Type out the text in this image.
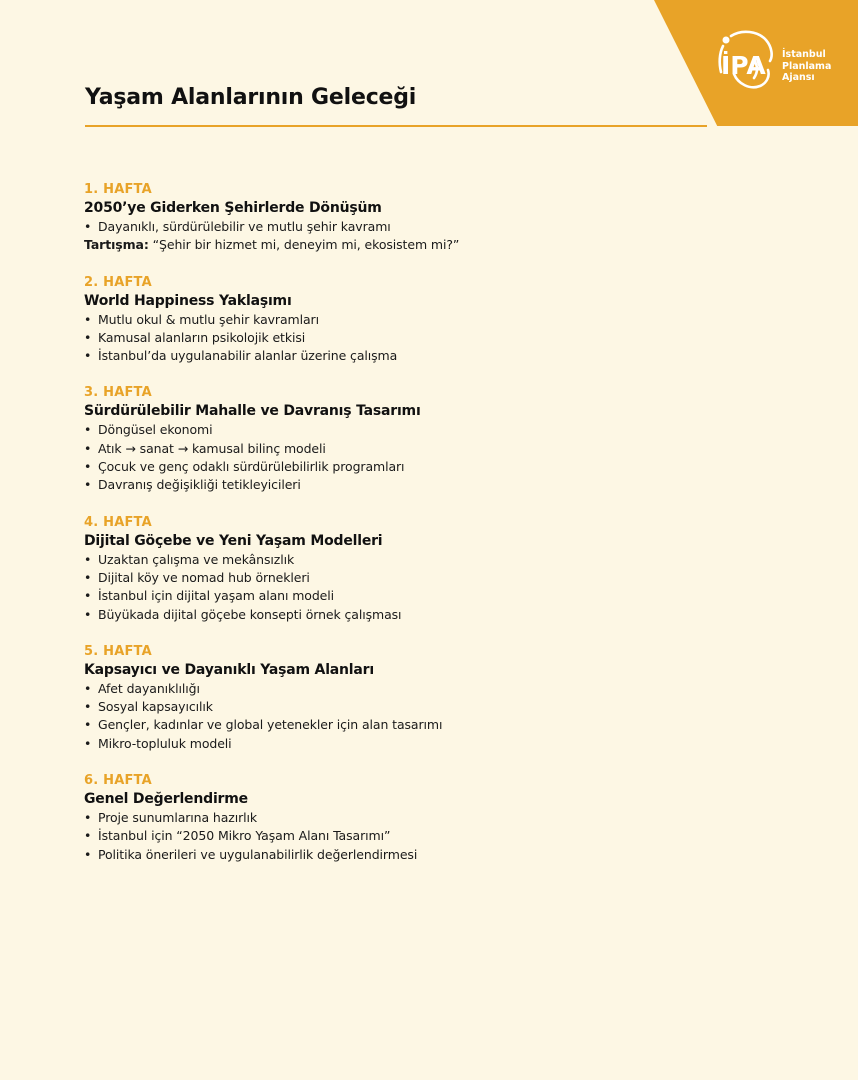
İPA İstanbul
Planlama
Ajansı
Yaşam Alanlarının Geleceği
1. HAFTA
2050’ye Giderken Şehirlerde Dönüşüm
• Dayanıklı, sürdürülebilir ve mutlu şehir kavramı
Tartışma: “Şehir bir hizmet mi, deneyim mi, ekosistem mi?”
2. HAFTA
World Happiness Yaklaşımı
• Mutlu okul & mutlu şehir kavramları
• Kamusal alanların psikolojik etkisi
• İstanbul’da uygulanabilir alanlar üzerine çalışma
3. HAFTA
Sürdürülebilir Mahalle ve Davranış Tasarımı
• Döngüsel ekonomi
• Atık → sanat → kamusal bilinç modeli
• Çocuk ve genç odaklı sürdürülebilirlik programları
• Davranış değişikliği tetikleyicileri
4. HAFTA
Dijital Göçebe ve Yeni Yaşam Modelleri
• Uzaktan çalışma ve mekânsızlık
• Dijital köy ve nomad hub örnekleri
• İstanbul için dijital yaşam alanı modeli
• Büyükada dijital göçebe konsepti örnek çalışması
5. HAFTA
Kapsayıcı ve Dayanıklı Yaşam Alanları
• Afet dayanıklılığı
• Sosyal kapsayıcılık
• Gençler, kadınlar ve global yetenekler için alan tasarımı
• Mikro-topluluk modeli
6. HAFTA
Genel Değerlendirme
• Proje sunumlarına hazırlık
• İstanbul için “2050 Mikro Yaşam Alanı Tasarımı”
• Politika önerileri ve uygulanabilirlik değerlendirmesi
